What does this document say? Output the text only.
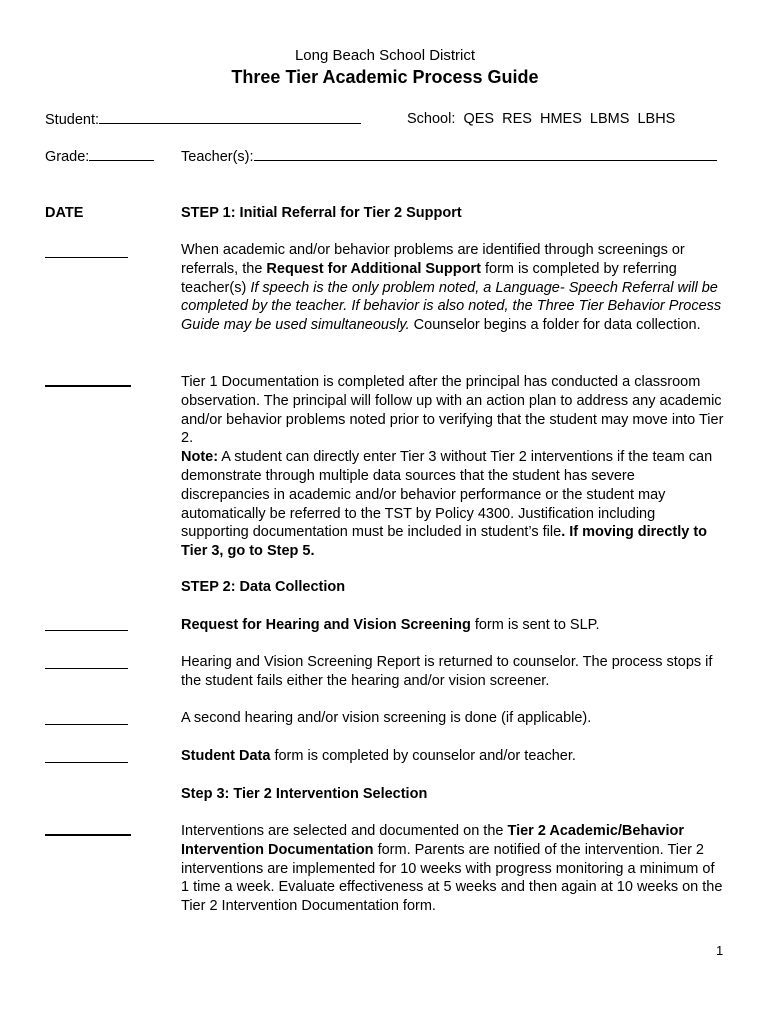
Long Beach School District
Three Tier Academic Process Guide
Student:	School: QES  RES  HMES  LBMS  LBHS
Grade:	Teacher(s):
DATE	STEP 1: Initial Referral for Tier 2 Support
When academic and/or behavior problems are identified through screenings or referrals, the Request for Additional Support form is completed by referring teacher(s) If speech is the only problem noted, a Language- Speech Referral will be completed by the teacher. If behavior is also noted, the Three Tier Behavior Process Guide may be used simultaneously. Counselor begins a folder for data collection.
Tier 1 Documentation is completed after the principal has conducted a classroom observation. The principal will follow up with an action plan to address any academic and/or behavior problems noted prior to verifying that the student may move into Tier 2.
Note: A student can directly enter Tier 3 without Tier 2 interventions if the team can demonstrate through multiple data sources that the student has severe discrepancies in academic and/or behavior performance or the student may automatically be referred to the TST by Policy 4300. Justification including supporting documentation must be included in student’s file. If moving directly to Tier 3, go to Step 5.
STEP 2: Data Collection
Request for Hearing and Vision Screening form is sent to SLP.
Hearing and Vision Screening Report is returned to counselor. The process stops if the student fails either the hearing and/or vision screener.
A second hearing and/or vision screening is done (if applicable).
Student Data form is completed by counselor and/or teacher.
Step 3: Tier 2 Intervention Selection
Interventions are selected and documented on the Tier 2 Academic/Behavior Intervention Documentation form. Parents are notified of the intervention. Tier 2 interventions are implemented for 10 weeks with progress monitoring a minimum of 1 time a week. Evaluate effectiveness at 5 weeks and then again at 10 weeks on the Tier 2 Intervention Documentation form.
1
